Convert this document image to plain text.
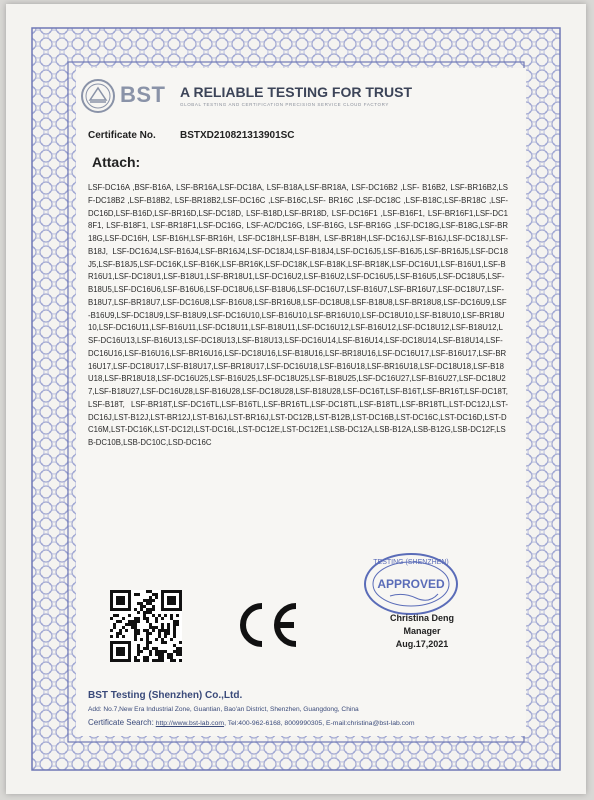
BST A RELIABLE TESTING FOR TRUST
GLOBAL TESTING AND CERTIFICATION PRECISION SERVICE CLOUD FACTORY
Certificate No. BSTXD210821313901SC
Attach:
LSF-DC16A ,BSF-B16A, LSF-BR16A,LSF-DC18A, LSF-B18A,LSF-BR18A, LSF-DC16B2 ,LSF- B16B2, LSF-BR16B2,LSF-DC18B2 ,LSF-B18B2, LSF-BR18B2,LSF-DC16C ,LSF-B16C,LSF- BR16C ,LSF-DC18C ,LSF-B18C,LSF-BR18C ,LSF-DC16D,LSF-B16D,LSF-BR16D,LSF-DC18D, LSF-B18D,LSF-BR18D, LSF-DC16F1 ,LSF-B16F1, LSF-BR16F1,LSF-DC18F1, LSF-B18F1, LSF-BR18F1,LSF-DC16G, LSF-AC/DC16G, LSF-B16G, LSF-BR16G ,LSF-DC18G,LSF-B18G,LSF-BR18G,LSF-DC16H, LSF-B16H,LSF-BR16H, LSF-DC18H,LSF-B18H, LSF-BR18H,LSF-DC16J,LSF-B16J,LSF-DC18J,LSF-B18J, LSF-DC16J4,LSF-B16J4,LSF-BR16J4,LSF-DC18J4,LSF-B18J4,LSF-DC16J5,LSF-B16J5,LSF-BR16J5,LSF-DC18J5,LSF-B18J5,LSF-DC16K,LSF-B16K,LSF-BR16K,LSF-DC18K,LSF-B18K,LSF-BR18K,LSF-DC16U1,LSF-B16U1,LSF-BR16U1,LSF-DC18U1,LSF-B18U1,LSF-BR18U1,LSF-DC16U2,LSF-B16U2,LSF-DC16U5,LSF-B16U5,LSF-DC18U5,LSF-B18U5,LSF-DC16U6,LSF-B16U6,LSF-DC18U6,LSF-B18U6,LSF-DC16U7,LSF-B16U7,LSF-BR16U7,LSF-DC18U7,LSF-B18U7,LSF-BR18U7,LSF-DC16U8,LSF-B16U8,LSF-BR16U8,LSF-DC18U8,LSF-B18U8,LSF-BR18U8,LSF-DC16U9,LSF-B16U9,LSF-DC18U9,LSF-B18U9,LSF-DC16U10,LSF-B16U10,LSF-BR16U10,LSF-DC18U10,LSF-B18U10,LSF-BR18U10,LSF-DC16U11,LSF-B16U11,LSF-DC18U11,LSF-B18U11,LSF-DC16U12,LSF-B16U12,LSF-DC18U12,LSF-B18U12,LSF-DC16U13,LSF-B16U13,LSF-DC18U13,LSF-B18U13,LSF-DC16U14,LSF-B16U14,LSF-DC18U14,LSF-B18U14,LSF-DC16U16,LSF-B16U16,LSF-BR16U16,LSF-DC18U16,LSF-B18U16,LSF-BR18U16,LSF-DC16U17,LSF-B16U17,LSF-BR16U17,LSF-DC18U17,LSF-B18U17,LSF-BR18U17,LSF-DC16U18,LSF-B16U18,LSF-BR16U18,LSF-DC18U18,LSF-B18U18,LSF-BR18U18,LSF-DC16U25,LSF-B16U25,LSF-DC18U25,LSF-B18U25,LSF-DC16U27,LSF-B16U27,LSF-DC18U27,LSF-B18U27,LSF-DC16U28,LSF-B16U28,LSF-DC18U28,LSF-B18U28,LSF-DC16T,LSF-B16T,LSF-BR16T,LSF-DC18T,LSF-B18T, LSF-BR18T,LSF-DC16TL,LSF-B16TL,LSF-BR16TL,LSF-DC18TL,LSF-B18TL,LSF-BR18TL,LST-DC12J,LST-DC16J,LST-B12J,LST-BR12J,LST-B16J,LST-BR16J,LST-DC12B,LST-B12B,LST-DC16B,LST-DC16C,LST-DC16D,LST-DC16M,LST-DC16K,LST-DC12I,LST-DC16L,LST-DC12E,LST-DC12E1,LSB-DC12A,LSB-B12A,LSB-B12G,LSB-DC12F,LSB-DC10B,LSB-DC10C,LSD-DC16C
TESTING (SHENZHEN)
APPROVED
Christina Deng
Manager
Aug.17,2021
BST Testing (Shenzhen) Co.,Ltd.
Add: No.7,New Era Industrial Zone, Guantian, Bao'an District, Shenzhen, Guangdong, China
Certificate Search: http://www.bst-lab.com, Tel:400-962-6168, 8009990305, E-mail:christina@bst-lab.com
